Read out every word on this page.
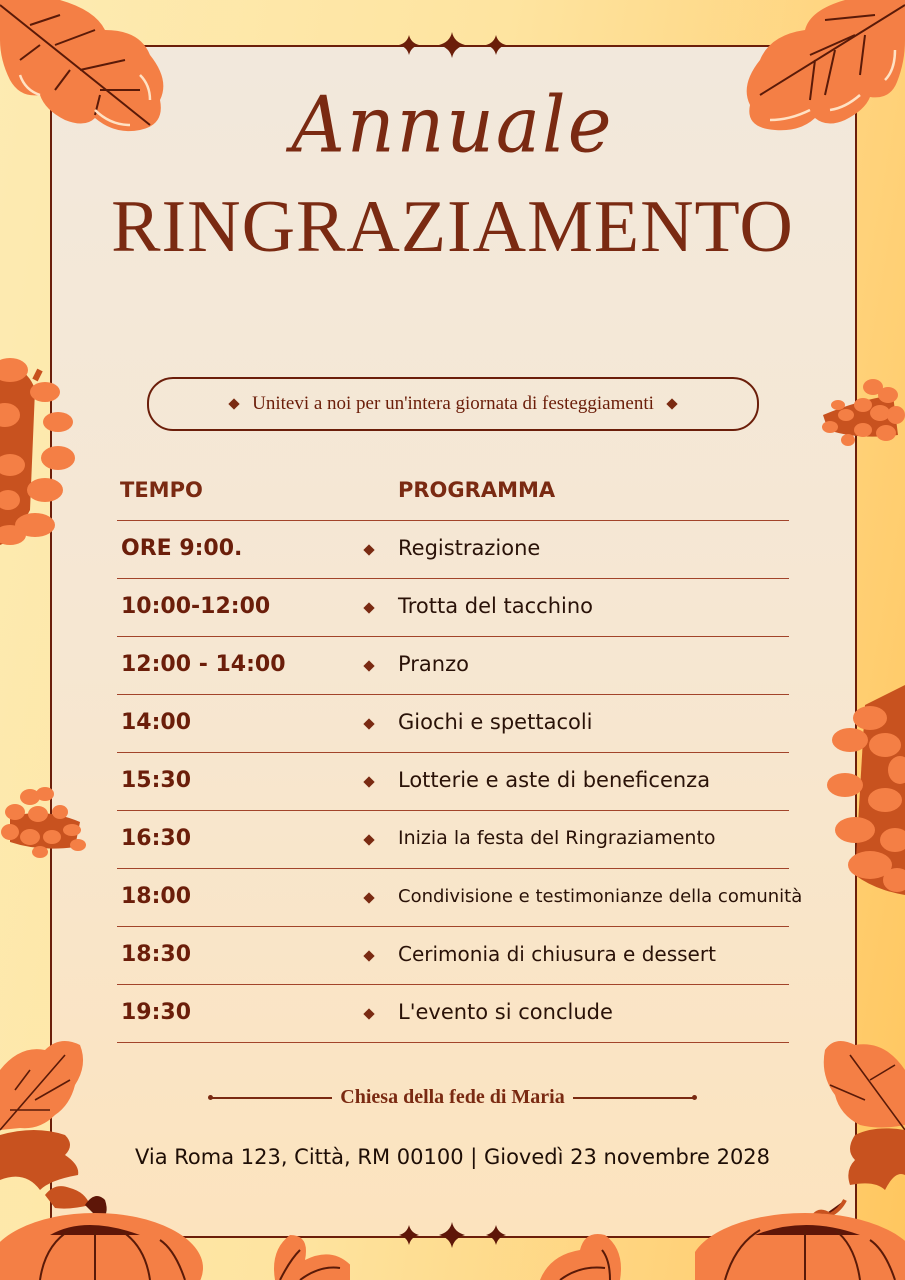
Annuale
RINGRAZIAMENTO
Unitevi a noi per un'intera giornata di festeggiamenti
TEMPO	PROGRAMMA
ORE 9:00.	Registrazione
10:00-12:00	Trotta del tacchino
12:00 - 14:00	Pranzo
14:00	Giochi e spettacoli
15:30	Lotterie e aste di beneficenza
16:30	Inizia la festa del Ringraziamento
18:00	Condivisione e testimonianze della comunità
18:30	Cerimonia di chiusura e dessert
19:30	L'evento si conclude
Chiesa della fede di Maria
Via Roma 123, Città, RM 00100 | Giovedì 23 novembre 2028
